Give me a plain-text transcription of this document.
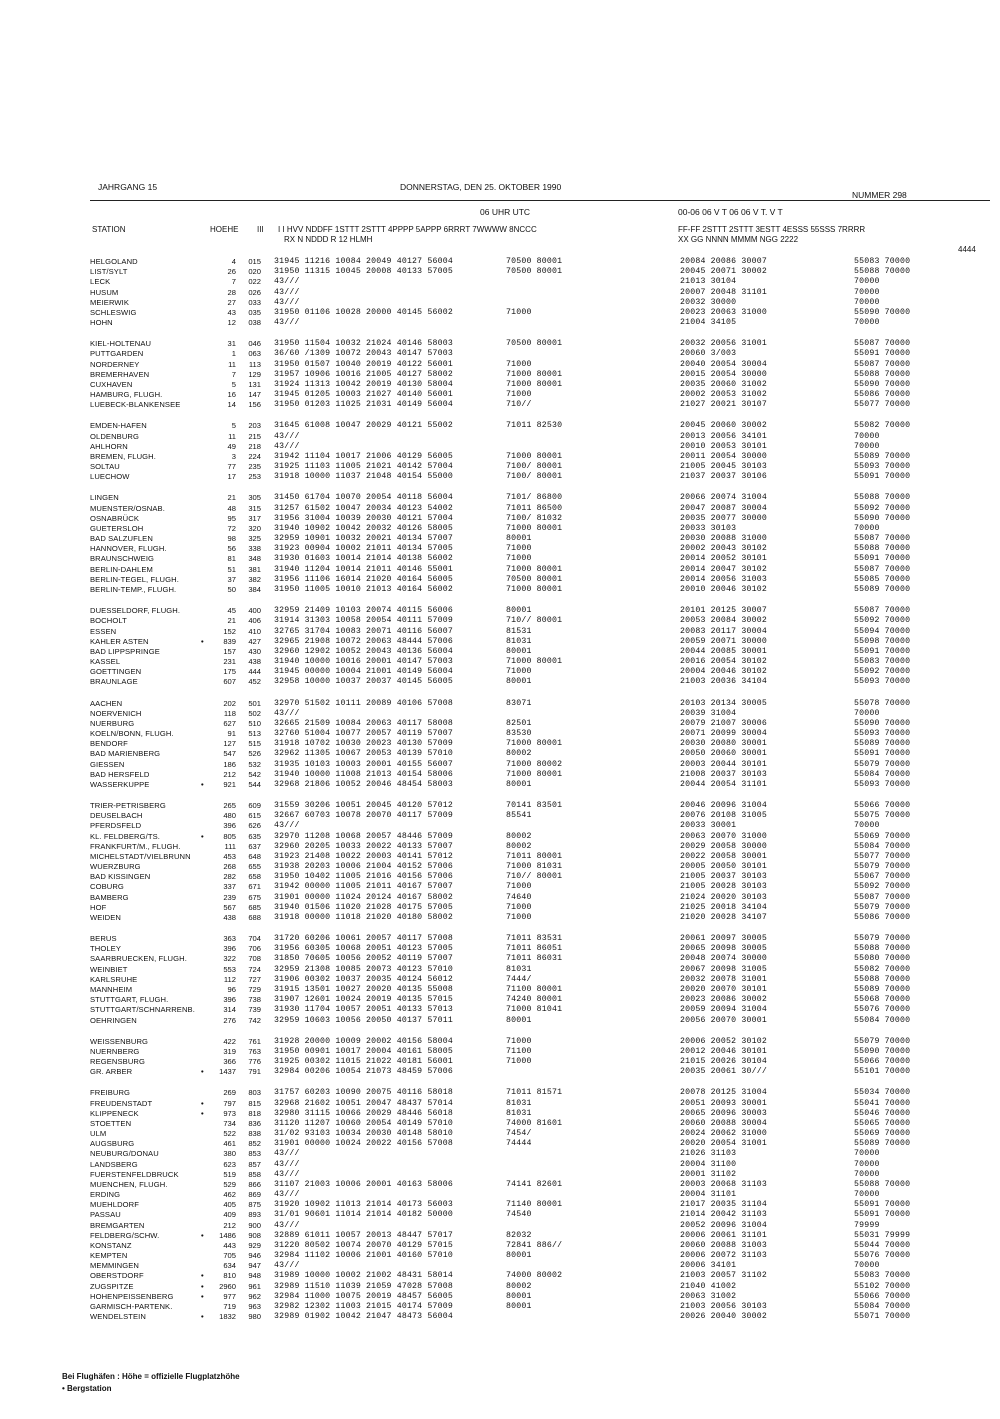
JAHRGANG 15	DONNERSTAG, DEN 25. OKTOBER 1990
NUMMER 298
06 UHR UTC	00-06 06 V T 06 06 V T. V T
STATION	HOEHE III I I HVV NDDFF 1STTT 2STTT 4PPPP 5APPP 6RRRT 7WWWW 8NCCC
RX N NDDD R 12 HLMH
FF-FF 2STTT 2STTT 3ESTT 4ESSS 55SSS 7RRRR
XX GG NNNN MMMM NGG 2222
4444
HELGOLAND	4	015 31945 11216 10084 20049 40127 56004	70500 80001	20084 20086 30007	55083 70000
LIST/SYLT	26	020 31950 11315 10045 20008 40133 57005	70500 80001	20045 20071 30002	55088 70000
LECK	7	022 43///	21013 30104	70000
HUSUM	28	026 43///	20007 20048 31101	70000
MEIERWIK	27	033 43///	20032 30000	70000
SCHLESWIG	43	035 31950 01106 10028 20000 40145 56002	71000	20023 20063 31000	55090 70000
HOHN	12	038 43///	21004 34105	70000
KIEL-HOLTENAU	31	046 31950 11504 10032 21024 40146 58003	70500 80001	20032 20056 31001	55087 70000
PUTTGARDEN	1	063 36/60 /1309 10072 20043 40147 57003	20060 3/003	55091 70000
NORDERNEY	11	113 31950 01507 10040 20019 40122 56001	71000	20040 20054 30004	55087 70000
BREMERHAVEN	7	129 31957 10906 10016 21005 40127 58002	71000 80001	20015 20054 30000	55088 70000
CUXHAVEN	5	131 31924 11313 10042 20019 40130 58004	71000 80001	20035 20060 31002	55090 70000
HAMBURG, FLUGH.	16	147 31945 01205 10003 21027 40140 56001	71000	20002 20053 31002	55086 70000
LUEBECK-BLANKENSEE	14	156 31950 01203 11025 21031 40149 56004	710//	21027 20021 30107	55077 70000
EMDEN-HAFEN	5	203 31645 61008 10047 20029 40121 55002	71011 82530	20045 20060 30002	55082 70000
OLDENBURG	11	215 43///	20013 20056 34101	70000
AHLHORN	49	218 43///	20010 20053 30101	70000
BREMEN, FLUGH.	3	224 31942 11104 10017 21006 40129 56005	71000 80001	20011 20054 30000	55089 70000
SOLTAU	77	235 31925 11103 11005 21021 40142 57004	7100/ 80001	21005 20045 30103	55093 70000
LUECHOW	17	253 31918 10000 11037 21048 40154 55000	7100/ 80001	21037 20037 30106	55091 70000
LINGEN	21	305 31450 61704 10070 20054 40118 56004	7101/ 86800	20066 20074 31004	55088 70000
MUENSTER/OSNAB.	48	315 31257 61502 10047 20034 40123 54002	71011 86500	20047 20087 30004	55092 70000
OSNABRÜCK	95	317 31956 31004 10039 20030 40121 57004	7100/ 81032	20035 20077 30000	55090 70000
GUETERSLOH	72	320 31940 10902 10042 20032 40126 58005	71000 80001	20033 30103	70000
BAD SALZUFLEN	98	325 32959 10901 10032 20021 40134 57007	80001	20030 20088 31000	55087 70000
HANNOVER, FLUGH.	56	338 31923 00904 10002 21011 40134 57005	71000	20002 20043 30102	55088 70000
BRAUNSCHWEIG	81	348 31930 01603 10014 21014 40138 56002	71000	20014 20052 30101	55091 70000
BERLIN-DAHLEM	51	381 31940 11204 10014 21011 40146 55001	71000 80001	20014 20047 30102	55087 70000
BERLIN-TEGEL, FLUGH.	37	382 31956 11106 16014 21020 40164 56005	70500 80001	20014 20056 31003	55085 70000
BERLIN-TEMP., FLUGH.	50	384 31950 11005 10010 21013 40164 56002	71000 80001	20010 20046 30102	55089 70000
DUESSELDORF, FLUGH.	45	400 32959 21409 10103 20074 40115 56006	80001	20101 20125 30007	55087 70000
BOCHOLT	21	406 31914 31303 10058 20054 40111 57009	710// 80001	20053 20084 30002	55092 70000
ESSEN	152	410 32765 31704 10083 20071 40116 56007	81531	20083 20117 30004	55094 70000
KAHLER ASTEN	•	839	427 32965 21908 10072 20063 48444 57006	81031	20059 20071 30000	55098 70000
BAD LIPPSPRINGE	157	430 32960 12902 10052 20043 40136 56004	80001	20044 20085 30001	55091 70000
KASSEL	231	438 31940 10000 10016 20001 40147 57003	71000 80001	20016 20054 30102	55083 70000
GOETTINGEN	175	444 31945 00000 10004 21001 40149 56004	71000	20004 20046 30102	55092 70000
BRAUNLAGE	607	452 32958 10000 10037 20037 40145 56005	80001	21003 20036 34104	55093 70000
AACHEN	202	501 32970 51502 10111 20089 40106 57008	83071	20103 20134 30005	55078 70000
NOERVENICH	118	502 43///	20039 31004	70000
NUERBURG	627	510 32665 21509 10084 20063 40117 58008	82501	20079 21007 30006	55090 70000
KOELN/BONN, FLUGH.	91	513 32760 51004 10077 20057 40119 57007	83530	20071 20099 30004	55093 70000
BENDORF	127	515 31918 10702 10030 20023 40130 57009	71000 80001	20030 20080 30001	55089 70000
BAD MARIENBERG	547	526 32962 11305 10067 20053 40139 57010	80002	20050 20060 30001	55091 70000
GIESSEN	186	532 31935 10103 10003 20001 40155 56007	71000 80002	20003 20044 30101	55079 70000
BAD HERSFELD	212	542 31940 10000 11008 21013 40154 58006	71000 80001	21008 20037 30103	55084 70000
WASSERKUPPE	•	921	544 32968 21806 10052 20046 48454 58003	80001	20044 20054 31101	55093 70000
TRIER-PETRISBERG	265	609 31559 30206 10051 20045 40120 57012	70141 83501	20046 20096 31004	55066 70000
DEUSELBACH	480	615 32667 60703 10078 20070 40117 57009	85541	20076 20108 31005	55075 70000
PFERDSFELD	396	626 43///	20033 30001	70000
KL. FELDBERG/TS.	•	805	635 32970 11208 10068 20057 48446 57009	80002	20063 20070 31000	55069 70000
FRANKFURT/M., FLUGH.	111	637 32960 20205 10033 20022 40133 57007	80002	20029 20058 30000	55084 70000
MICHELSTADT/VIELBRUNN	453	648 31923 21408 10022 20003 40141 57012	71011 80001	20022 20058 30001	55077 70000
WUERZBURG	268	655 31938 20203 10006 21004 40152 57006	71000 81031	20005 20050 30101	55079 70000
BAD KISSINGEN	282	658 31950 10402 11005 21016 40156 57006	710// 80001	21005 20037 30103	55067 70000
COBURG	337	671 31942 00000 11005 21011 40167 57007	71000	21005 20028 30103	55092 70000
BAMBERG	239	675 31901 00000 11024 20124 40167 58002	74640	21024 20020 30103	55087 70000
HOF	567	685 31940 01506 11020 21028 40175 57005	71000	21025 20018 34104	55079 70000
WEIDEN	438	688 31918 00000 11018 21020 40180 58002	71000	21020 20028 34107	55086 70000
BERUS	363	704 31720 60206 10061 20057 40117 57008	71011 83531	20061 20097 30005	55079 70000
THOLEY	396	706 31956 60305 10068 20051 40123 57005	71011 86051	20065 20098 30005	55088 70000
SAARBRUECKEN, FLUGH.	322	708 31850 70605 10056 20052 40119 57007	71011 86031	20048 20074 30000	55080 70000
WEINBIET	553	724 32959 21308 10085 20073 40123 57010	81031	20067 20098 31005	55082 70000
KARLSRUHE	112	727 31906 00302 10037 20035 40124 56012	7444/	20032 20078 31001	55088 70000
MANNHEIM	96	729 31915 13501 10027 20020 40135 55008	71100 80001	20020 20070 30101	55089 70000
STUTTGART, FLUGH.	396	738 31907 12601 10024 20019 40135 57015	74240 80001	20023 20086 30002	55068 70000
STUTTGART/SCHNARRENB.	314	739 31930 11704 10057 20051 40133 57013	71000 81041	20059 20094 31004	55076 70000
OEHRINGEN	276	742 32959 10603 10056 20050 40137 57011	80001	20056 20070 30001	55084 70000
WEISSENBURG	422	761 31928 20000 10009 20002 40156 58004	71000	20006 20052 30102	55079 70000
NUERNBERG	319	763 31950 00901 10017 20004 40161 58005	71100	20012 20046 30101	55090 70000
REGENSBURG	366	776 31925 00302 11015 21022 40181 56001	71000	21015 20026 30104	55066 70000
GR. ARBER	•	1437	791 32984 00206 10054 21073 48459 57006	20035 20061 30///	55101 70000
FREIBURG	269	803 31757 60203 10090 20075 40116 58018	71011 81571	20078 20125 31004	55034 70000
FREUDENSTADT	•	797	815 32968 21602 10051 20047 48437 57014	81031	20051 20093 30001	55041 70000
KLIPPENECK	•	973	818 32980 31115 10066 20029 48446 56018	81031	20065 20096 30003	55046 70000
STOETTEN	734	836 31120 11207 10060 20054 40149 57010	74000 81601	20060 20088 30004	55065 70000
ULM	522	838 31/02 93103 10034 20030 40148 58010	7454/	20024 20062 31000	55069 70000
AUGSBURG	461	852 31901 00000 10024 20022 40156 57008	74444	20020 20054 31001	55089 70000
NEUBURG/DONAU	380	853 43///	21026 31103	70000
LANDSBERG	623	857 43///	20004 31100	70000
FUERSTENFELDBRUCK	519	858 43///	20001 31102	70000
MUENCHEN, FLUGH.	529	866 31107 21003 10006 20001 40163 58006	74141 82601	20003 20068 31103	55088 70000
ERDING	462	869 43///	20004 31101	70000
MUEHLDORF	405	875 31920 10902 11013 21014 40173 56003	71140 80001	21017 20035 31104	55091 70000
PASSAU	409	893 31/01 90601 11014 21014 40182 50000	74540	21014 20042 31103	55091 70000
BREMGARTEN	212	900 43///	20052 20096 31004	79999
FELDBERG/SCHW.	•	1486	908 32889 61011 10057 20013 48447 57017	82032	20006 20061 31101	55031 79999
KONSTANZ	443	929 31220 80502 10074 20070 40129 57015	72841 886//	20060 20088 31003	55044 70000
KEMPTEN	705	946 32984 11102 10006 21001 40160 57010	80001	20006 20072 31103	55076 70000
MEMMINGEN	634	947 43///	20006 34101	70000
OBERSTDORF	•	810	948 31989 10000 10002 21002 48431 58014	74000 80002	21003 20057 31102	55083 70000
ZUGSPITZE	•	2960	961 32989 11510 11039 21059 47028 57008	80002	21040 41002	55102 70000
HOHENPEISSENBERG	•	977	962 32984 11000 10075 20019 48457 56005	80001	20063 31002	55066 70000
GARMISCH-PARTENK.	719	963 32982 12302 11003 21015 40174 57009	80001	21003 20056 30103	55084 70000
WENDELSTEIN	•	1832	980 32989 01902 10042 21047 48473 56004	20026 20040 30002	55071 70000
Bei Flughäfen : Höhe = offizielle Flugplatzhöhe
• Bergstation
